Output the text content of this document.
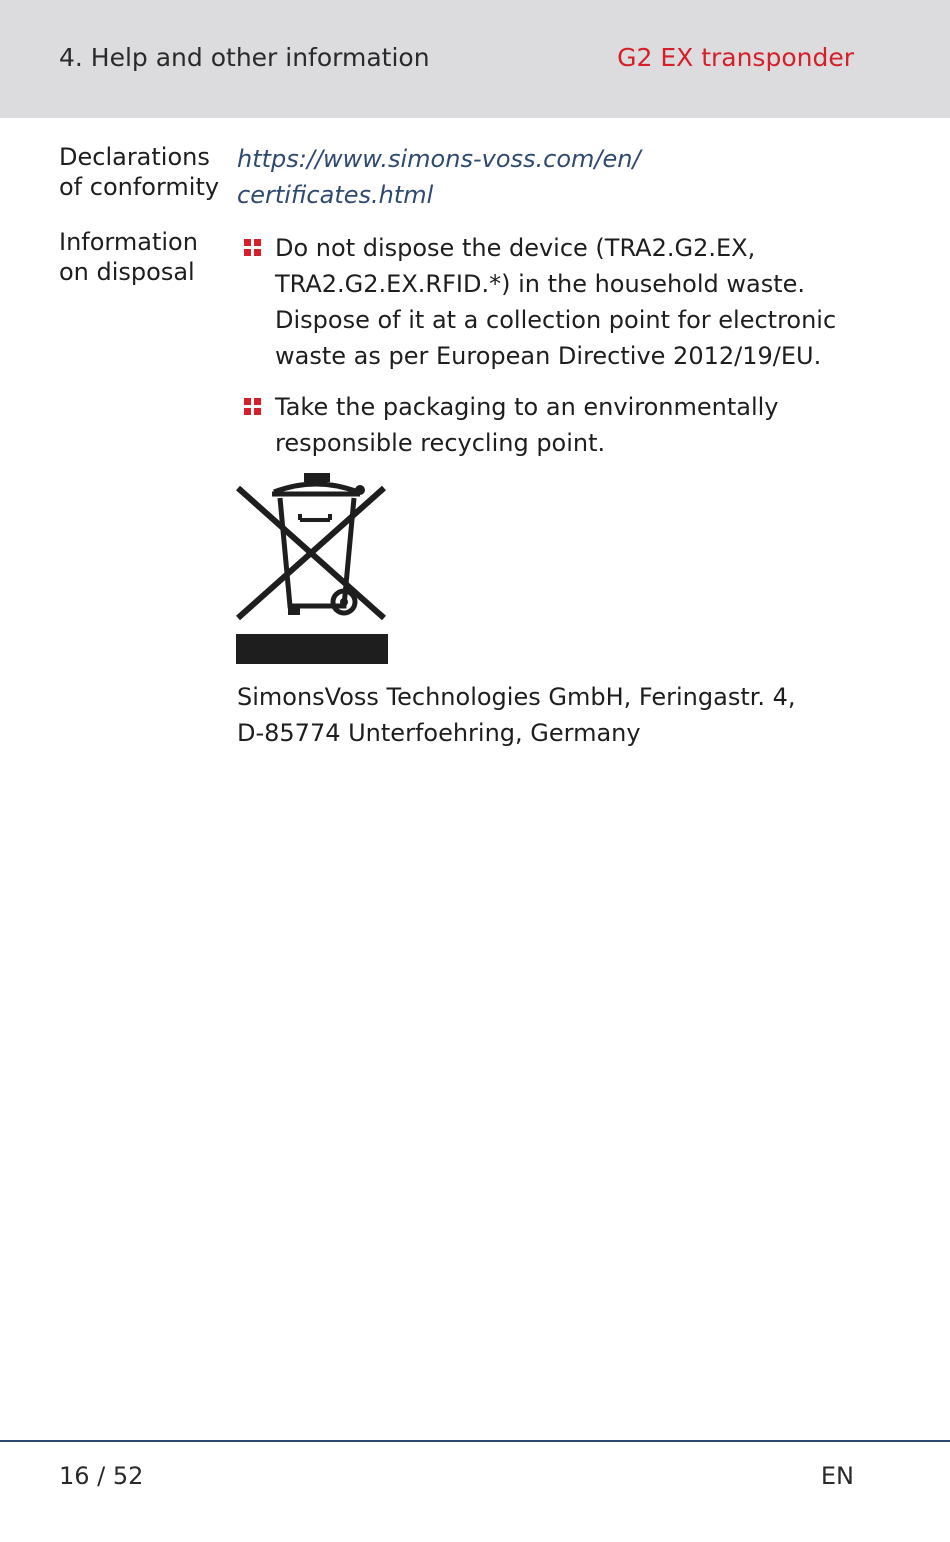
4. Help and other information	G2 EX transponder
Declarations
of conformity
https://www.simons-voss.com/en/
certificates.html
Information
on disposal
Do not dispose the device (TRA2.G2.EX,
TRA2.G2.EX.RFID.*) in the household waste.
Dispose of it at a collection point for electronic
waste as per European Directive 2012/19/EU.
Take the packaging to an environmentally
responsible recycling point.
SimonsVoss Technologies GmbH, Feringastr. 4,
D-85774 Unterfoehring, Germany
16 / 52	EN
